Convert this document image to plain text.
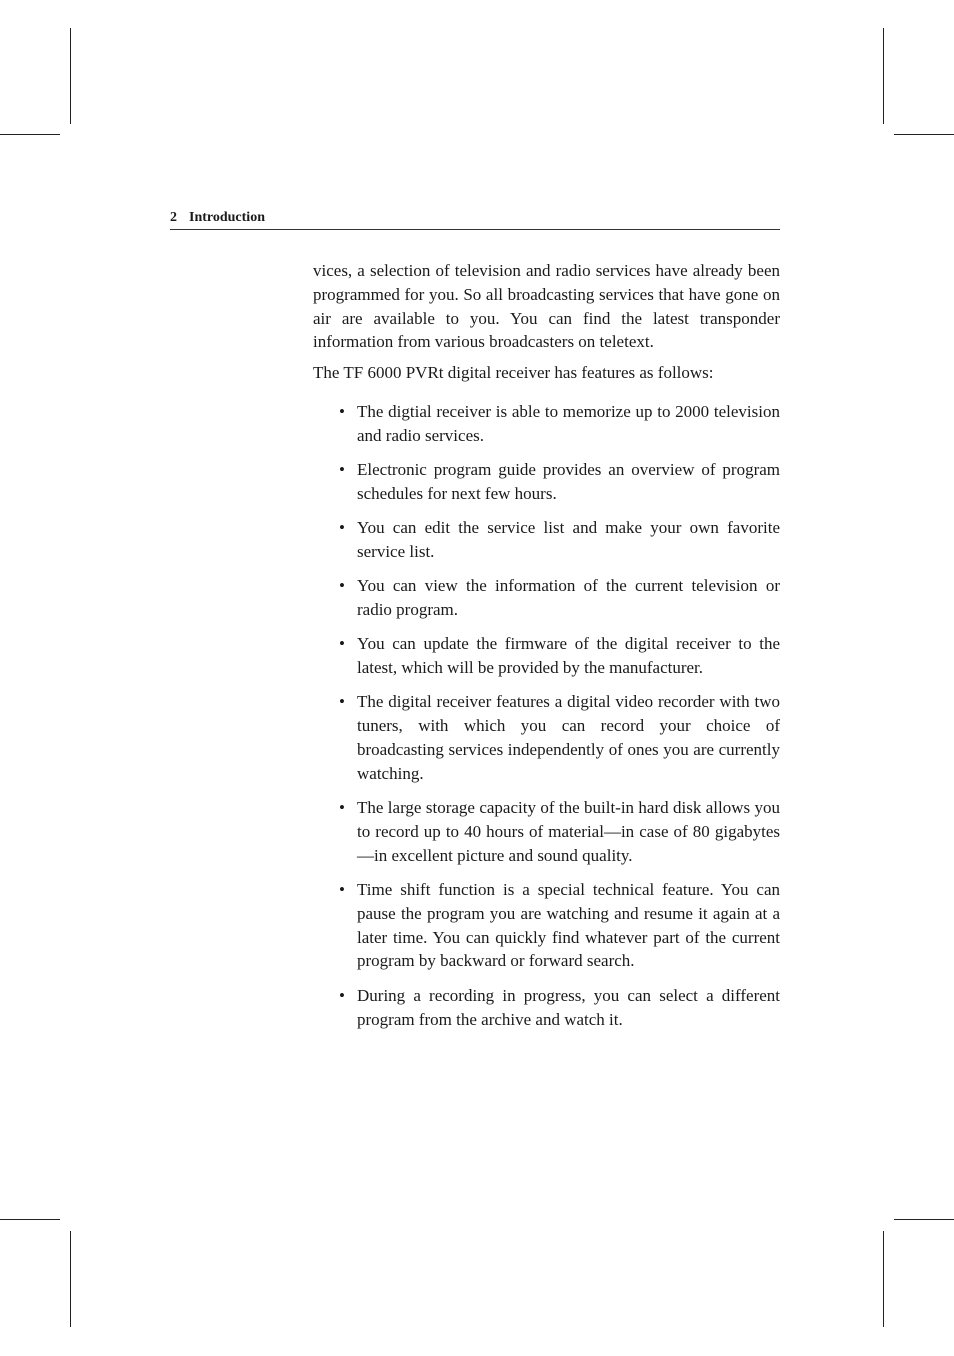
2 Introduction

vices, a selection of television and radio services have already been programmed for you. So all broadcasting services that have gone on air are available to you. You can find the latest transponder information from various broadcasters on teletext.

The TF 6000 PVRt digital receiver has features as follows:

• The digtial receiver is able to memorize up to 2000 television and radio services.
• Electronic program guide provides an overview of program schedules for next few hours.
• You can edit the service list and make your own favorite service list.
• You can view the information of the current television or radio program.
• You can update the firmware of the digital receiver to the latest, which will be provided by the manufacturer.
• The digital receiver features a digital video recorder with two tuners, with which you can record your choice of broadcasting services independently of ones you are currently watching.
• The large storage capacity of the built-in hard disk allows you to record up to 40 hours of material—in case of 80 gigabytes—in excellent picture and sound quality.
• Time shift function is a special technical feature. You can pause the program you are watching and resume it again at a later time. You can quickly find whatever part of the current program by backward or forward search.
• During a recording in progress, you can select a different program from the archive and watch it.
